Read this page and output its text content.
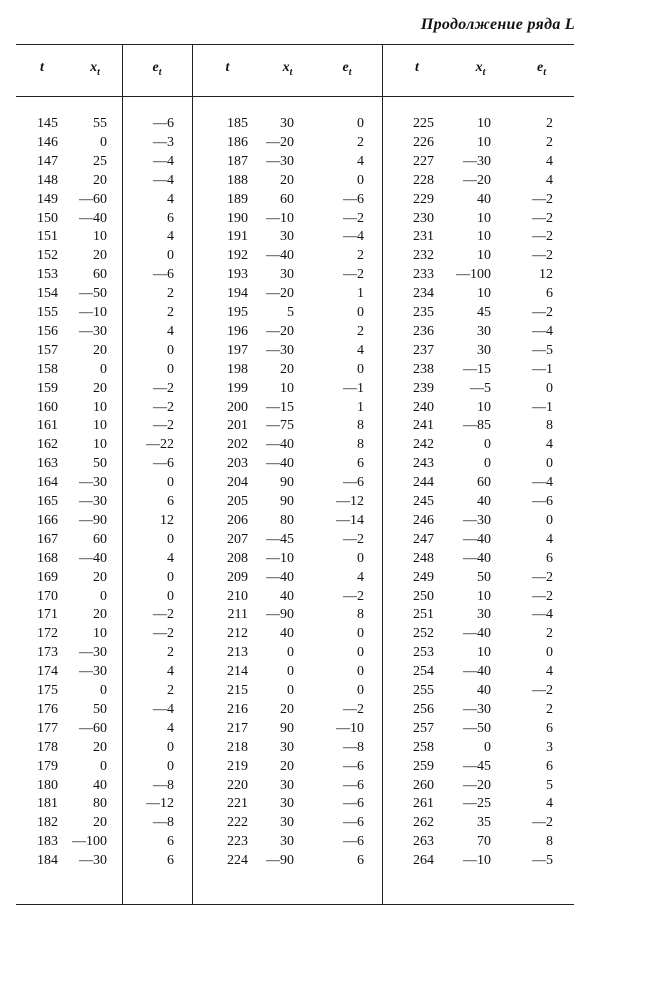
Продолжение ряда L
t	$x_t$	$e_t$	t	$x_t$	$e_t$	t	$x_t$	$e_t$
145	55	—6	185 30	0	225	10	2
146	0	—3	186 —20	2	226	10	2
147	25	—4	187 —30	4	227 —30	4
148	20	—4	188 20	0	228 —20	4
149 —60	4	189 60	—6	229	40	—2
150 —40	6	190 —10	—2	230	10	—2
151	10	4	191 30	—4	231	10	—2
152	20	0	192 —40	2	232	10	—2
153	60	—6	193 30	—2	233 —100	12
154 —50	2	194 —20	1	234	10	6
155 —10	2	195	5	0	235	45	—2
156 —30	4	196 —20	2	236	30	—4
157	20	0	197 —30	4	237	30	—5
158	0	0	198 20	0	238 —15	—1
159	20	—2	199 10	—1	239	—5	0
160	10	—2	200 —15	1	240	10	—1
161	10	—2	201 —75	8	241 —85	8
162	10	—22	202 —40	8	242	0	4
163	50	—6	203 —40	6	243	0	0
164 —30	0	204 90	—6	244	60	—4
165 —30	6	205 90	—12	245	40	—6
166 —90	12	206 80	—14	246 —30	0
167	60	0	207 —45	—2	247 —40	4
168 —40	4	208 —10	0	248 —40	6
169	20	0	209 —40	4	249	50	—2
170	0	0	210 40	—2	250	10	—2
171	20	—2	211 —90	8	251	30	—4
172	10	—2	212 40	0	252 —40	2
173 —30	2	213	0	0	253	10	0
174 —30	4	214	0	0	254 —40	4
175	0	2	215	0	0	255	40	—2
176	50	—4	216 20	—2	256 —30	2
177 —60	4	217 90	—10	257 —50	6
178	20	0	218 30	—8	258	0	3
179	0	0	219 20	—6	259 —45	6
180	40	—8	220 30	—6	260 —20	5
181	80	—12	221 30	—6	261 —25	4
182	20	—8	222 30	—6	262	35	—2
183 —100	6	223 30	—6	263	70	8
184 —30	6	224 —90	6	264 —10	—5
